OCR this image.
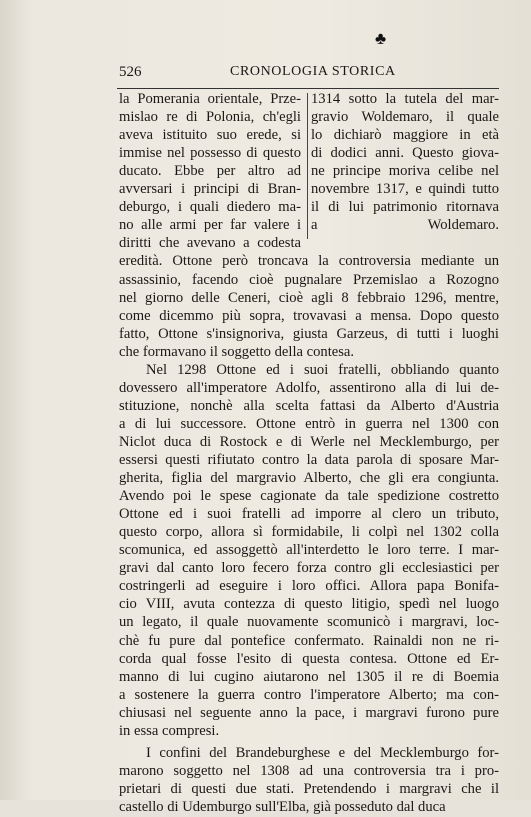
♣
526	CRONOLOGIA STORICA
la Pomerania orientale, Prze-
mislao re di Polonia, ch'egli
aveva istituito suo erede, si
immise nel possesso di questo
ducato. Ebbe per altro ad
avversari i principi di Bran-
deburgo, i quali diedero ma-
no alle armi per far valere i
diritti che avevano a codesta
1314 sotto la tutela del mar-
gravio Woldemaro, il quale
lo dichiarò maggiore in età
di dodici anni. Questo giova-
ne principe moriva celibe nel
novembre 1317, e quindi tutto
il di lui patrimonio ritornava
a Woldemaro.
eredità. Ottone però troncava la controversia mediante un
assassinio, facendo cioè pugnalare Przemislao a Rozogno
nel giorno delle Ceneri, cioè agli 8 febbraio 1296, mentre,
come dicemmo più sopra, trovavasi a mensa. Dopo questo
fatto, Ottone s'insignoriva, giusta Garzeus, di tutti i luoghi
che formavano il soggetto della contesa.
Nel 1298 Ottone ed i suoi fratelli, obbliando quanto
dovessero all'imperatore Adolfo, assentirono alla di lui de-
stituzione, nonchè alla scelta fattasi da Alberto d'Austria
a di lui successore. Ottone entrò in guerra nel 1300 con
Niclot duca di Rostock e di Werle nel Mecklemburgo, per
essersi questi rifiutato contro la data parola di sposare Mar-
gherita, figlia del margravio Alberto, che gli era congiunta.
Avendo poi le spese cagionate da tale spedizione costretto
Ottone ed i suoi fratelli ad imporre al clero un tributo,
questo corpo, allora sì formidabile, li colpì nel 1302 colla
scomunica, ed assoggettò all'interdetto le loro terre. I mar-
gravi dal canto loro fecero forza contro gli ecclesiastici per
costringerli ad eseguire i loro offici. Allora papa Bonifa-
cio VIII, avuta contezza di questo litigio, spedì nel luogo
un legato, il quale nuovamente scomunicò i margravi, loc-
chè fu pure dal pontefice confermato. Rainaldi non ne ri-
corda qual fosse l'esito di questa contesa. Ottone ed Er-
manno di lui cugino aiutarono nel 1305 il re di Boemia
a sostenere la guerra contro l'imperatore Alberto; ma con-
chiusasi nel seguente anno la pace, i margravi furono pure
in essa compresi.
I confini del Brandeburghese e del Mecklemburgo for-
marono soggetto nel 1308 ad una controversia tra i pro-
prietari di questi due stati. Pretendendo i margravi che il
castello di Udemburgo sull'Elba, già posseduto dal duca
